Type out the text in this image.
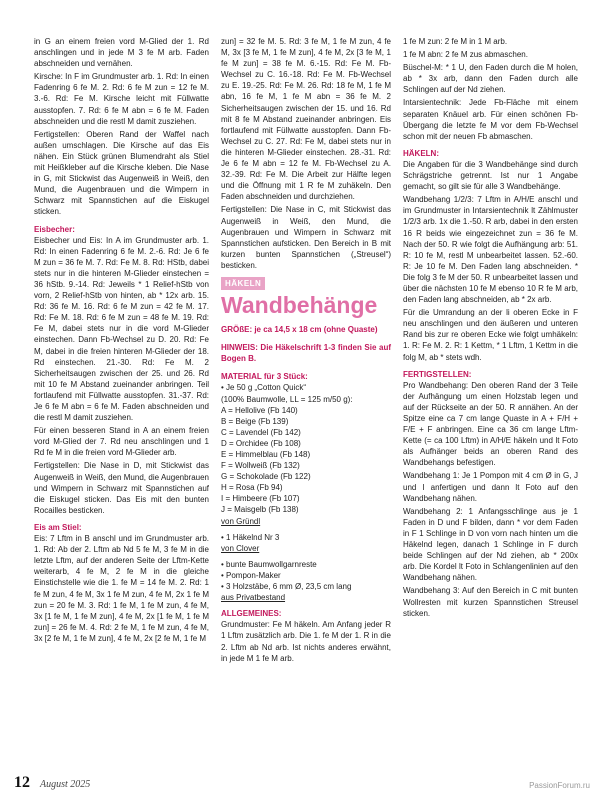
in G an einem freien vord M-Glied der 1. Rd anschlingen und in jede M 3 fe M arb. Faden abschneiden und vernähen.

Kirsche: In F im Grundmuster arb. 1. Rd: In einen Fadenring 6 fe M. 2. Rd: 6 fe M zun = 12 fe M. 3.-6. Rd: Fe M. Kirsche leicht mit Füllwatte ausstopfen. 7. Rd: 6 fe M abn = 6 fe M. Faden abschneiden und die restl M damit zusziehen.

Fertigstellen: Oberen Rand der Waffel nach außen umschlagen. Die Kirsche auf das Eis nähen. Ein Stück grünen Blumendraht als Stiel mit Heißkleber auf die Kirsche kleben. Die Nase in G, mit Stickwist das Augenweiß in Weiß, den Mund, die Augenbrauen und die Wimpern in Schwarz mit Spannstichen auf die Eiskugel sticken.

Eisbecher:

Eisbecher und Eis: In A im Grundmuster arb. 1. Rd: In einen Fadenring 6 fe M. 2.-6. Rd: Je 6 fe M zun = 36 fe M. 7. Rd: Fe M. 8. Rd: HStb, dabei stets nur in die hinteren M-Glieder einstechen = 36 hStb. 9.-14. Rd: Jeweils * 1 Relief-hStb von vorn, 2 Relief-hStb von hinten, ab * 12x arb. 15. Rd: 36 fe M. 16. Rd: 6 fe M zun = 42 fe M. 17. Rd: Fe M. 18. Rd: 6 fe M zun = 48 fe M. 19. Rd: Fe M, dabei stets nur in die vord M-Glieder einstechen. Dann Fb-Wechsel zu D. 20. Rd: Fe M, dabei in die freien hinteren M-Glieder der 18. Rd einstechen. 21.-30. Rd: Fe M. 2 Sicherheitsaugen zwischen der 25. und 26. Rd mit 10 fe M Abstand zueinander anbringen. Teil fortlaufend mit Füllwatte ausstopfen. 31.-37. Rd: Je 6 fe M abn = 6 fe M. Faden abschneiden und die restl M damit zusziehen.

Für einen besseren Stand in A an einem freien vord M-Glied der 7. Rd neu anschlingen und 1 Rd fe M in die freien vord M-Glieder arb.

Fertigstellen: Die Nase in D, mit Stickwist das Augenweiß in Weiß, den Mund, die Augenbrauen und Wimpern in Schwarz mit Spannstichen auf die Eiskugel sticken. Das Eis mit den bunten Rocailles besticken.

Eis am Stiel:

Eis: 7 Lftm in B anschl und im Grundmuster arb. 1. Rd: Ab der 2. Lftm ab Nd 5 fe M, 3 fe M in die letzte Lftm, auf der anderen Seite der Lftm-Kette weiterarb, 4 fe M, 2 fe M in die gleiche Einstichstelle wie die 1. fe M = 14 fe M. 2. Rd: 1 fe M zun, 4 fe M, 3x 1 fe M zun, 4 fe M, 2x 1 fe M zun = 20 fe M. 3. Rd: 1 fe M, 1 fe M zun, 4 fe M, 3x [1 fe M, 1 fe M zun], 4 fe M, 2x [1 fe M, 1 fe M zun] = 26 fe M. 4. Rd: 2 fe M, 1 fe M zun, 4 fe M, 3x [2 fe M, 1 fe M zun], 4 fe M, 2x [2 fe M, 1 fe M

zun] = 32 fe M. 5. Rd: 3 fe M, 1 fe M zun, 4 fe M, 3x [3 fe M, 1 fe M zun], 4 fe M, 2x [3 fe M, 1 fe M zun] = 38 fe M. 6.-15. Rd: Fe M. Fb-Wechsel zu C. 16.-18. Rd: Fe M. Fb-Wechsel zu E. 19.-25. Rd: Fe M. 26. Rd: 18 fe M, 1 fe M abn, 16 fe M, 1 fe M abn = 36 fe M. 2 Sicherheitsaugen zwischen der 15. und 16. Rd mit 8 fe M Abstand zueinander anbringen. Eis fortlaufend mit Füllwatte ausstopfen. Dann Fb-Wechsel zu C. 27. Rd: Fe M, dabei stets nur in die hinteren M-Glieder einstechen. 28.-31. Rd: Je 6 fe M abn = 12 fe M. Fb-Wechsel zu A. 32.-39. Rd: Fe M. Die Arbeit zur Hälfte legen und die Öffnung mit 1 R fe M zuhäkeln. Den Faden abschneiden und durchziehen.

Fertigstellen: Die Nase in C, mit Stickwist das Augenweiß in Weiß, den Mund, die Augenbrauen und Wimpern in Schwarz mit Spannstichen aufsticken. Den Bereich in B mit kurzen bunten Spannstichen („Streusel“) besticken.

HÄKELN
Wandbehänge

GRÖßE: je ca 14,5 x 18 cm (ohne Quaste)

HINWEIS: Die Häkelschrift 1-3 finden Sie auf Bogen B.

MATERIAL für 3 Stück:
• Je 50 g „Cotton Quick“
(100% Baumwolle, LL = 125 m/50 g):
A = Hellolive (Fb 140)
B = Beige (Fb 139)
C = Lavendel (Fb 142)
D = Orchidee (Fb 108)
E = Himmelblau (Fb 148)
F = Wollweiß (Fb 132)
G = Schokolade (Fb 122)
H = Rosa (Fb 94)
I = Himbeere (Fb 107)
J = Maisgelb (Fb 138)
von Gründl
• 1 Häkelnd Nr 3
von Clover
• bunte Baumwollgarnreste
• Pompon-Maker
• 3 Holzstäbe, 6 mm Ø, 23,5 cm lang
aus Privatbestand
ALLGEMEINES:

Grundmuster: Fe M häkeln. Am Anfang jeder R 1 Lftm zusätzlich arb. Die 1. fe M der 1. R in die 2. Lftm ab Nd arb. Ist nichts anderes erwähnt, in jede M 1 fe M arb.

1 fe M zun: 2 fe M in 1 M arb.

1 fe M abn: 2 fe M zus abmaschen.

Büschel-M: * 1 U, den Faden durch die M holen, ab * 3x arb, dann den Faden durch alle Schlingen auf der Nd ziehen.

Intarsientechnik: Jede Fb-Fläche mit einem separaten Knäuel arb. Für einen schönen Fb-Übergang die letzte fe M vor dem Fb-Wechsel schon mit der neuen Fb abmaschen.

HÄKELN:

Die Angaben für die 3 Wandbehänge sind durch Schrägstriche getrennt. Ist nur 1 Angabe gemacht, so gilt sie für alle 3 Wandbehänge.

Wandbehang 1/2/3: 7 Lftm in A/H/E anschl und im Grundmuster in Intarsientechnik lt Zählmuster 1/2/3 arb. 1x die 1.-50. R arb, dabei in den ersten 16 R beids wie eingezeichnet zun = 36 fe M. Nach der 50. R wie folgt die Aufhängung arb: 51. R: 10 fe M, restl M unbearbeitet lassen. 52.-60. R: Je 10 fe M. Den Faden lang abschneiden. * Die folg 3 fe M der 50. R unbearbeitet lassen und über die nächsten 10 fe M ebenso 10 R fe M arb, den Faden lang abschneiden, ab * 2x arb.

Für die Umrandung an der li oberen Ecke in F neu anschlingen und den äußeren und unteren Rand bis zur re oberen Ecke wie folgt umhäkeln: 1. R: Fe M. 2. R: 1 Kettm, * 1 Lftm, 1 Kettm in die folg M, ab * stets wdh.

FERTIGSTELLEN:

Pro Wandbehang: Den oberen Rand der 3 Teile der Aufhängung um einen Holzstab legen und auf der Rückseite an der 50. R annähen. An der Spitze eine ca 7 cm lange Quaste in A + F/H + F/E + F anbringen. Eine ca 36 cm lange Lftm-Kette (= ca 100 Lftm) in A/H/E häkeln und lt Foto als Aufhänger beids an oberen Rand des Wandbehangs befestigen.

Wandbehang 1: Je 1 Pompon mit 4 cm Ø in G, J und I anfertigen und dann lt Foto auf den Wandbehang nähen.

Wandbehang 2: 1 Anfangsschlinge aus je 1 Faden in D und F bilden, dann * vor dem Faden in F 1 Schlinge in D von vorn nach hinten um die Häkelnd legen, danach 1 Schlinge in F durch beide Schlingen auf der Nd ziehen, ab * 200x arb. Die Kordel lt Foto in Schlangenlinien auf den Wandbehang nähen.

Wandbehang 3: Auf den Bereich in C mit bunten Wollresten mit kurzen Spannstichen Streusel sticken.

12 August 2025	PassionForum.ru
